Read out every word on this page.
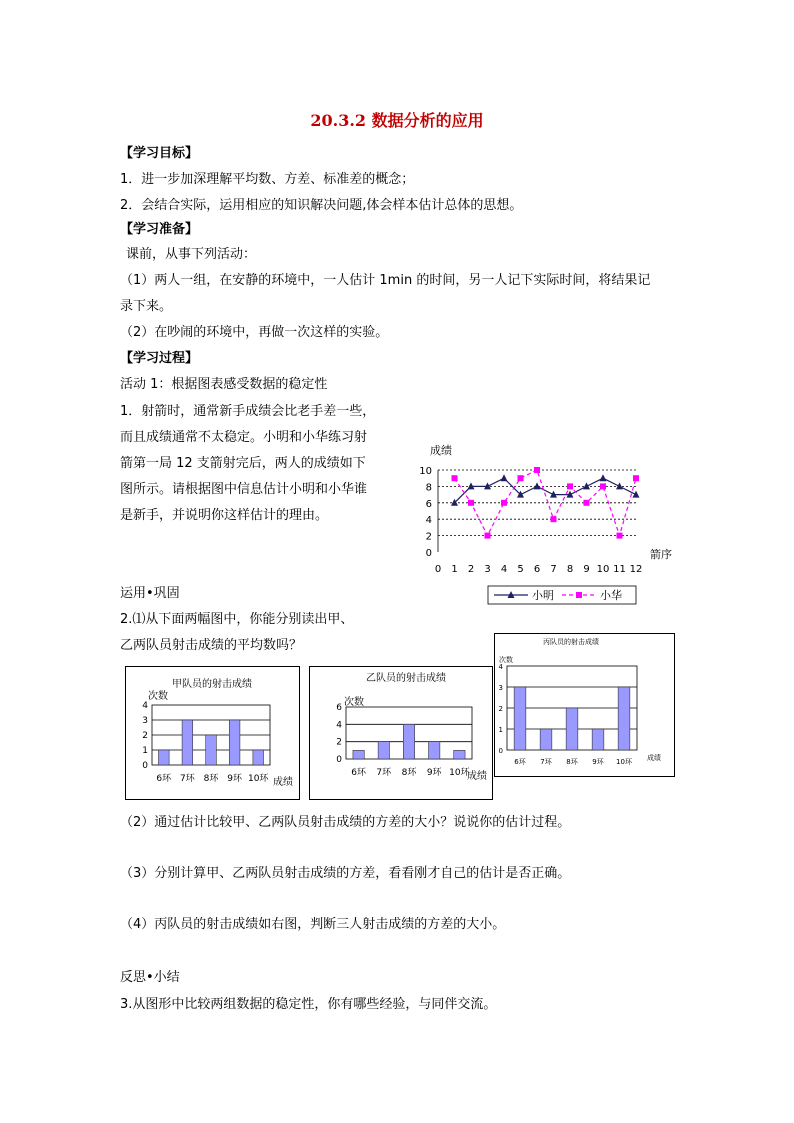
20.3.2 数据分析的应用
【学习目标】
1．进一步加深理解平均数、方差、标准差的概念；
2．会结合实际，运用相应的知识解决问题,体会样本估计总体的思想。
【学习准备】
课前，从事下列活动：
（1）两人一组，在安静的环境中，一人估计 1min 的时间，另一人记下实际时间，将结果记
录下来。
（2）在吵闹的环境中，再做一次这样的实验。
【学习过程】
活动 1：根据图表感受数据的稳定性
1．射箭时，通常新手成绩会比老手差一些，
而且成绩通常不太稳定。小明和小华练习射
箭第一局 12 支箭射完后，两人的成绩如下
图所示。请根据图中信息估计小明和小华谁
是新手，并说明你这样估计的理由。
成绩
箭序
0
2
4
6
8
10
0 1 2 3 4 5 6 7 8 9 10 11 12
小明	小华
运用•巩固
2.⑴从下面两幅图中，你能分别读出甲、
乙两队员射击成绩的平均数吗？
甲队员的射击成绩
次数
成绩
0
1
2
3
4
6环 7环 8环 9环 10环
乙队员的射击成绩
次数
成绩
0
2
4
6
6环 7环 8环 9环 10环
丙队员的射击成绩
次数
成绩
0
1
2
3
4
6环 7环 8环 9环 10环
（2）通过估计比较甲、乙两队员射击成绩的方差的大小？说说你的估计过程。
（3）分别计算甲、乙两队员射击成绩的方差，看看刚才自己的估计是否正确。
（4）丙队员的射击成绩如右图，判断三人射击成绩的方差的大小。
反思•小结
3.从图形中比较两组数据的稳定性，你有哪些经验，与同伴交流。
